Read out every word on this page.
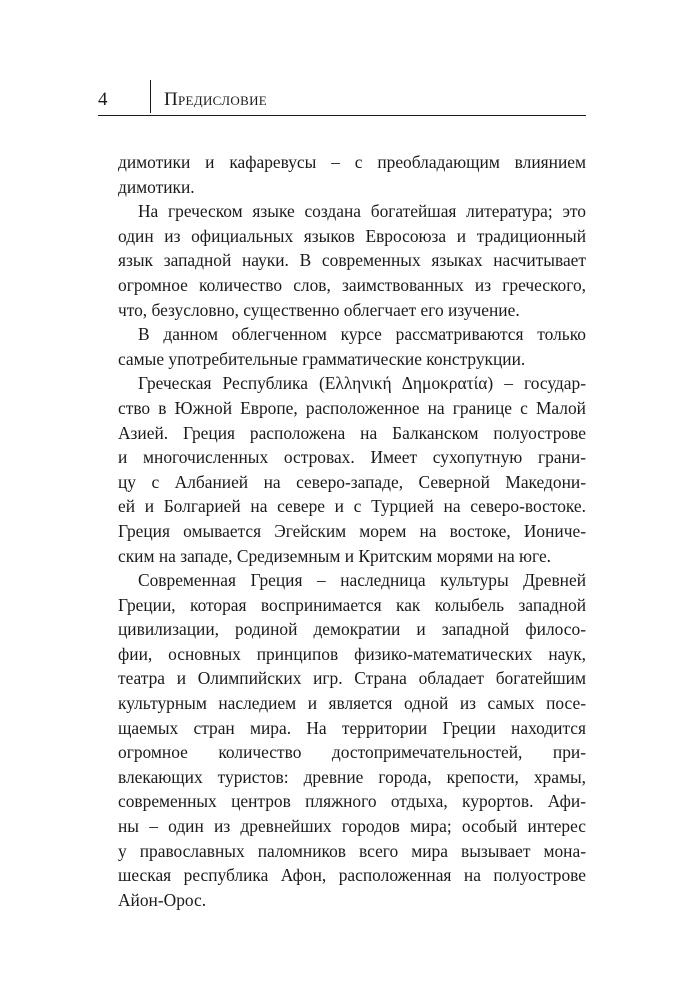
4	Предисловие
димотики и кафаревусы – с преобладающим влиянием
димотики.
На греческом языке создана богатейшая литература; это
один из официальных языков Евросоюза и традиционный
язык западной науки. В современных языках насчитывает
огромное количество слов, заимствованных из греческого,
что, безусловно, существенно облегчает его изучение.
В данном облегченном курсе рассматриваются только
самые употребительные грамматические конструкции.
Греческая Республика (Ελληνική Δημοκρατία) – государ-
ство в Южной Европе, расположенное на границе с Малой
Азией. Греция расположена на Балканском полуострове
и многочисленных островах. Имеет сухопутную грани-
цу с Албанией на северо-западе, Северной Македони-
ей и Болгарией на севере и с Турцией на северо-востоке.
Греция омывается Эгейским морем на востоке, Иониче-
ским на западе, Средиземным и Критским морями на юге.
Современная Греция – наследница культуры Древней
Греции, которая воспринимается как колыбель западной
цивилизации, родиной демократии и западной филосо-
фии, основных принципов физико-математических наук,
театра и Олимпийских игр. Страна обладает богатейшим
культурным наследием и является одной из самых посе-
щаемых стран мира. На территории Греции находится
огромное количество достопримечательностей, при-
влекающих туристов: древние города, крепости, храмы,
современных центров пляжного отдыха, курортов. Афи-
ны – один из древнейших городов мира; особый интерес
у православных паломников всего мира вызывает мона-
шеская республика Афон, расположенная на полуострове
Айон-Орос.
